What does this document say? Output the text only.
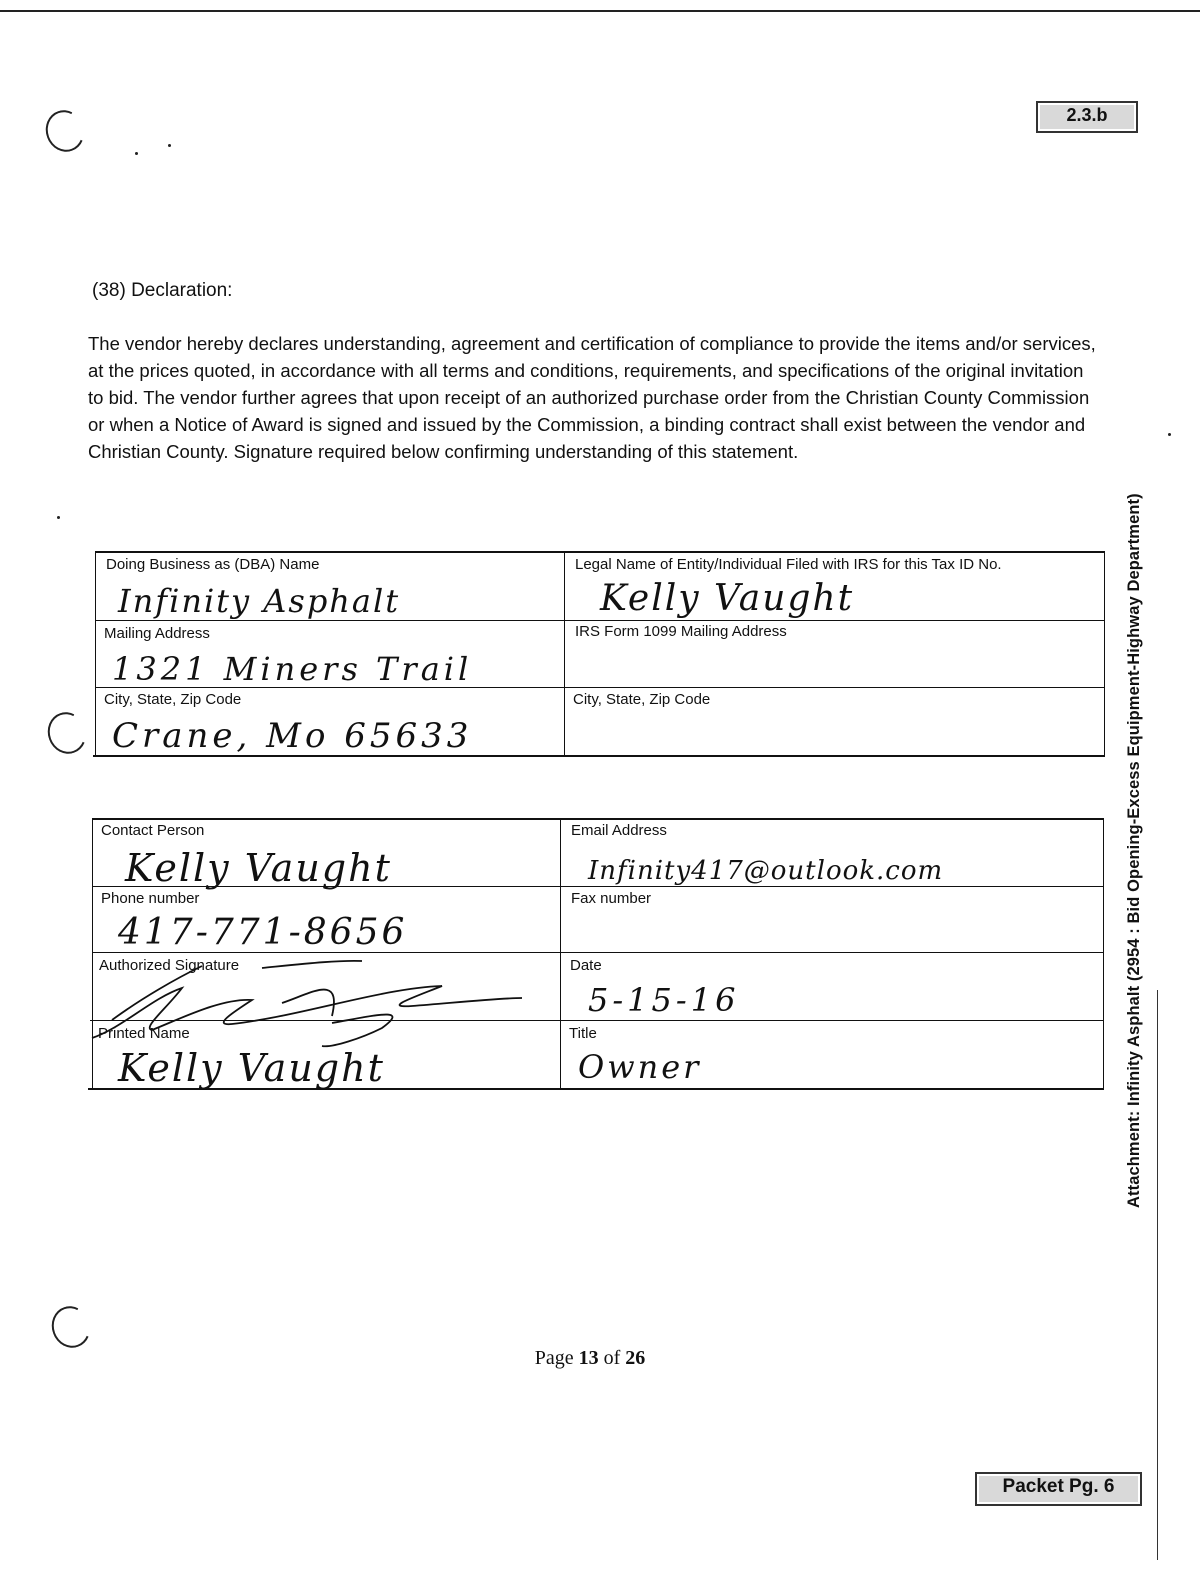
2.3.b
Packet Pg. 6
(38) Declaration:
The vendor hereby declares understanding, agreement and certification of compliance to provide the items and/or services, at the prices quoted, in accordance with all terms and conditions, requirements, and specifications of the original invitation to bid. The vendor further agrees that upon receipt of an authorized purchase order from the Christian County Commission or when a Notice of Award is signed and issued by the Commission, a binding contract shall exist between the vendor and Christian County. Signature required below confirming understanding of this statement.
Attachment: Infinity Asphalt (2954 : Bid Opening-Excess Equipment-Highway Department)
Doing Business as (DBA) Name
Infinity Asphalt
Legal Name of Entity/Individual Filed with IRS for this Tax ID No.
Kelly Vaught
Mailing Address
1321 Miners Trail
IRS Form 1099 Mailing Address
City, State, Zip Code
Crane, Mo 65633
City, State, Zip Code
Contact Person
Kelly Vaught
Email Address
Infinity417@outlook.com
Phone number
417-771-8656
Fax number
Authorized Signature	Date
5-15-16
Printed Name
Kelly Vaught
Title
Owner
Page 13 of 26
